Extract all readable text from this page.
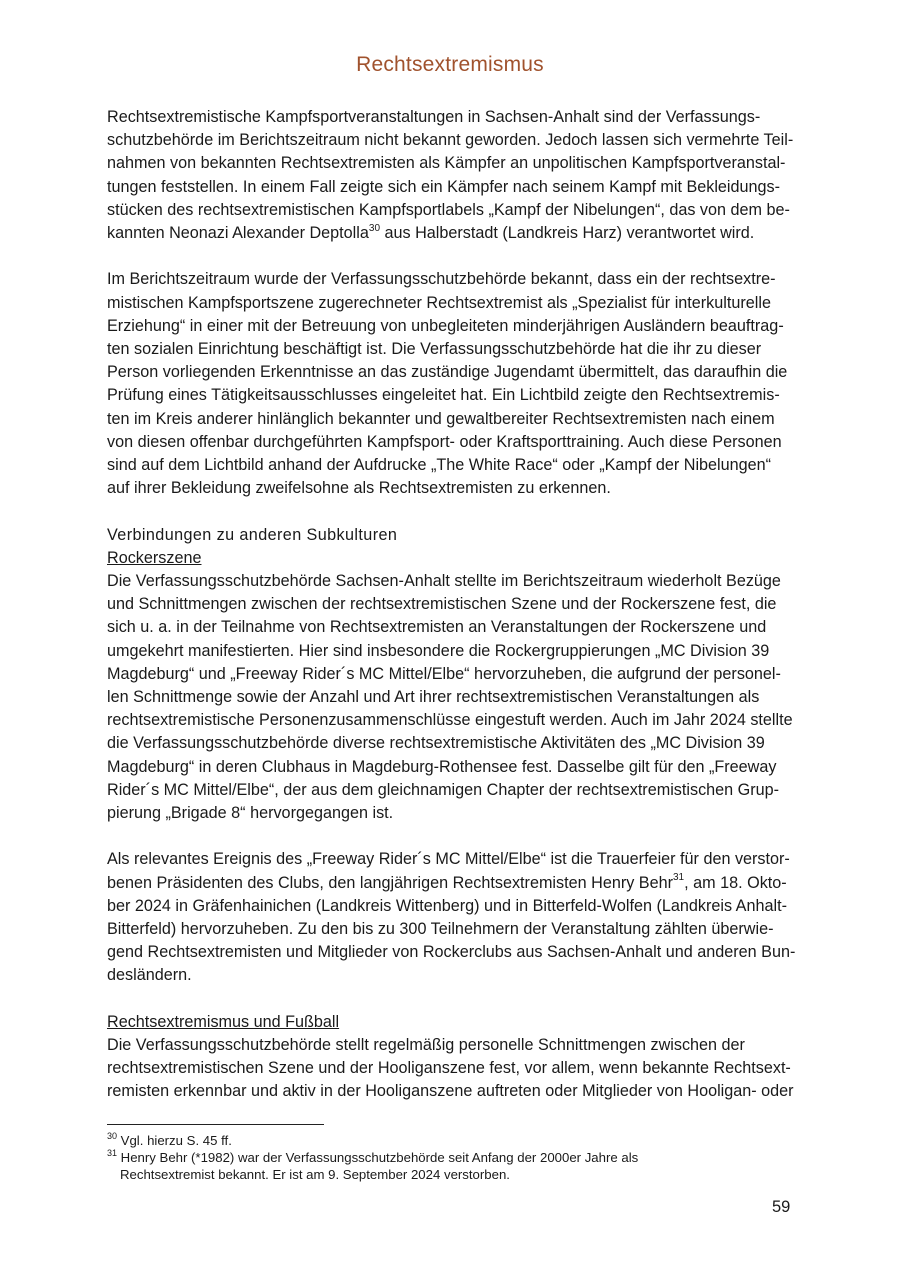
Rechtsextremismus
Rechtsextremistische Kampfsportveranstaltungen in Sachsen-Anhalt sind der Verfassungs-
schutzbehörde im Berichtszeitraum nicht bekannt geworden. Jedoch lassen sich vermehrte Teil-
nahmen von bekannten Rechtsextremisten als Kämpfer an unpolitischen Kampfsportveranstal-
tungen feststellen. In einem Fall zeigte sich ein Kämpfer nach seinem Kampf mit Bekleidungs-
stücken des rechtsextremistischen Kampfsportlabels „Kampf der Nibelungen“, das von dem be-
kannten Neonazi Alexander Deptolla$^{30}$ aus Halberstadt (Landkreis Harz) verantwortet wird.
Im Berichtszeitraum wurde der Verfassungsschutzbehörde bekannt, dass ein der rechtsextre-
mistischen Kampfsportszene zugerechneter Rechtsextremist als „Spezialist für interkulturelle
Erziehung“ in einer mit der Betreuung von unbegleiteten minderjährigen Ausländern beauftrag-
ten sozialen Einrichtung beschäftigt ist. Die Verfassungsschutzbehörde hat die ihr zu dieser
Person vorliegenden Erkenntnisse an das zuständige Jugendamt übermittelt, das daraufhin die
Prüfung eines Tätigkeitsausschlusses eingeleitet hat. Ein Lichtbild zeigte den Rechtsextremis-
ten im Kreis anderer hinlänglich bekannter und gewaltbereiter Rechtsextremisten nach einem
von diesen offenbar durchgeführten Kampfsport- oder Kraftsporttraining. Auch diese Personen
sind auf dem Lichtbild anhand der Aufdrucke „The White Race“ oder „Kampf der Nibelungen“
auf ihrer Bekleidung zweifelsohne als Rechtsextremisten zu erkennen.
Verbindungen zu anderen Subkulturen
Rockerszene
Die Verfassungsschutzbehörde Sachsen-Anhalt stellte im Berichtszeitraum wiederholt Bezüge
und Schnittmengen zwischen der rechtsextremistischen Szene und der Rockerszene fest, die
sich u. a. in der Teilnahme von Rechtsextremisten an Veranstaltungen der Rockerszene und
umgekehrt manifestierten. Hier sind insbesondere die Rockergruppierungen „MC Division 39
Magdeburg“ und „Freeway Rider´s MC Mittel/Elbe“ hervorzuheben, die aufgrund der personel-
len Schnittmenge sowie der Anzahl und Art ihrer rechtsextremistischen Veranstaltungen als
rechtsextremistische Personenzusammenschlüsse eingestuft werden. Auch im Jahr 2024 stellte
die Verfassungsschutzbehörde diverse rechtsextremistische Aktivitäten des „MC Division 39
Magdeburg“ in deren Clubhaus in Magdeburg-Rothensee fest. Dasselbe gilt für den „Freeway
Rider´s MC Mittel/Elbe“, der aus dem gleichnamigen Chapter der rechtsextremistischen Grup-
pierung „Brigade 8“ hervorgegangen ist.
Als relevantes Ereignis des „Freeway Rider´s MC Mittel/Elbe“ ist die Trauerfeier für den verstor-
benen Präsidenten des Clubs, den langjährigen Rechtsextremisten Henry Behr$^{31}$, am 18. Okto-
ber 2024 in Gräfenhainichen (Landkreis Wittenberg) und in Bitterfeld-Wolfen (Landkreis Anhalt-
Bitterfeld) hervorzuheben. Zu den bis zu 300 Teilnehmern der Veranstaltung zählten überwie-
gend Rechtsextremisten und Mitglieder von Rockerclubs aus Sachsen-Anhalt und anderen Bun-
desländern.
Rechtsextremismus und Fußball
Die Verfassungsschutzbehörde stellt regelmäßig personelle Schnittmengen zwischen der
rechtsextremistischen Szene und der Hooliganszene fest, vor allem, wenn bekannte Rechtsext-
remisten erkennbar und aktiv in der Hooliganszene auftreten oder Mitglieder von Hooligan- oder
$^{30}$ Vgl. hierzu S. 45 ff.
$^{31}$ Henry Behr (*1982) war der Verfassungsschutzbehörde seit Anfang der 2000er Jahre als
Rechtsextremist bekannt. Er ist am 9. September 2024 verstorben.
59
